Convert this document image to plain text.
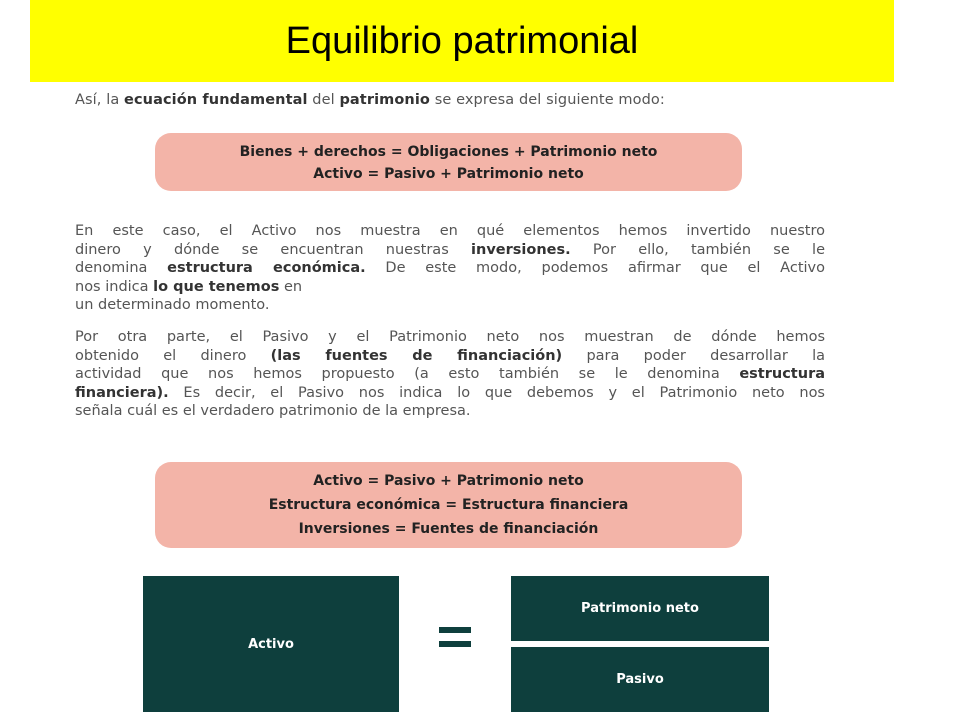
Equilibrio patrimonial
Así, la ecuación fundamental del patrimonio se expresa del siguiente modo:
Bienes + derechos = Obligaciones + Patrimonio neto
Activo = Pasivo + Patrimonio neto
En este caso, el Activo nos muestra en qué elementos hemos invertido nuestro
dinero y dónde se encuentran nuestras inversiones. Por ello, también se le
denomina estructura económica. De este modo, podemos afirmar que el Activo
nos indica lo que tenemos en
un determinado momento.
Por otra parte, el Pasivo y el Patrimonio neto nos muestran de dónde hemos
obtenido el dinero (las fuentes de financiación) para poder desarrollar la
actividad que nos hemos propuesto (a esto también se le denomina estructura
financiera). Es decir, el Pasivo nos indica lo que debemos y el Patrimonio neto nos
señala cuál es el verdadero patrimonio de la empresa.
Activo = Pasivo + Patrimonio neto
Estructura económica = Estructura financiera
Inversiones = Fuentes de financiación
Activo
Patrimonio neto
Pasivo
